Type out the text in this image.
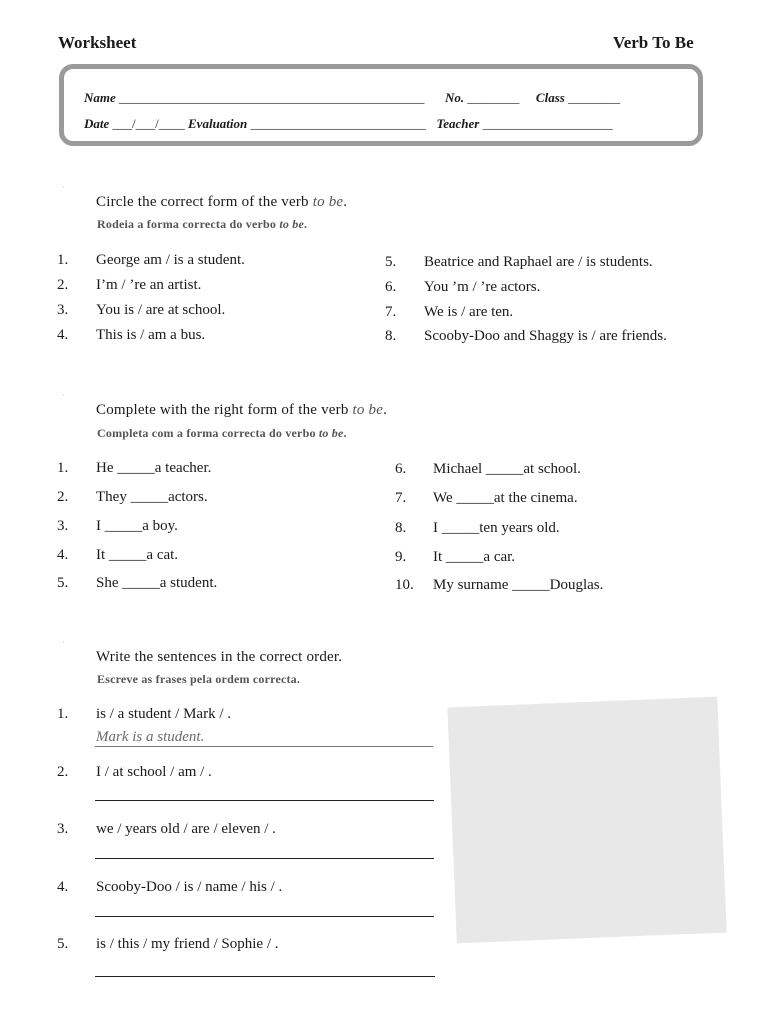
Worksheet	Verb To Be
Name _______________________________________________ No. ________ Class ________
Date ___/___/____ Evaluation ___________________________ Teacher ____________________
´
Circle the correct form of the verb to be.
Rodeia a forma correcta do verbo to be.
1. George am / is a student.
2. I’m / ’re an artist.
3. You is / are at school.
4. This is / am a bus.
5. Beatrice and Raphael are / is students.
6. You ’m / ’re actors.
7. We is / are ten.
8. Scooby-Doo and Shaggy is / are friends.
´
Complete with the right form of the verb to be.
Completa com a forma correcta do verbo to be.
1. He _____a teacher.
2. They _____actors.
3. I _____a boy.
4. It _____a cat.
5. She _____a student.
6. Michael _____at school.
7. We _____at the cinema.
8. I _____ten years old.
9. It _____a car.
10. My surname _____Douglas.
´
Write the sentences in the correct order.
Escreve as frases pela ordem correcta.
1. is / a student / Mark / .
Mark is a student.
2. I / at school / am / .
3. we / years old / are / eleven / .
4. Scooby-Doo / is / name / his / .
5. is / this / my friend / Sophie / .
